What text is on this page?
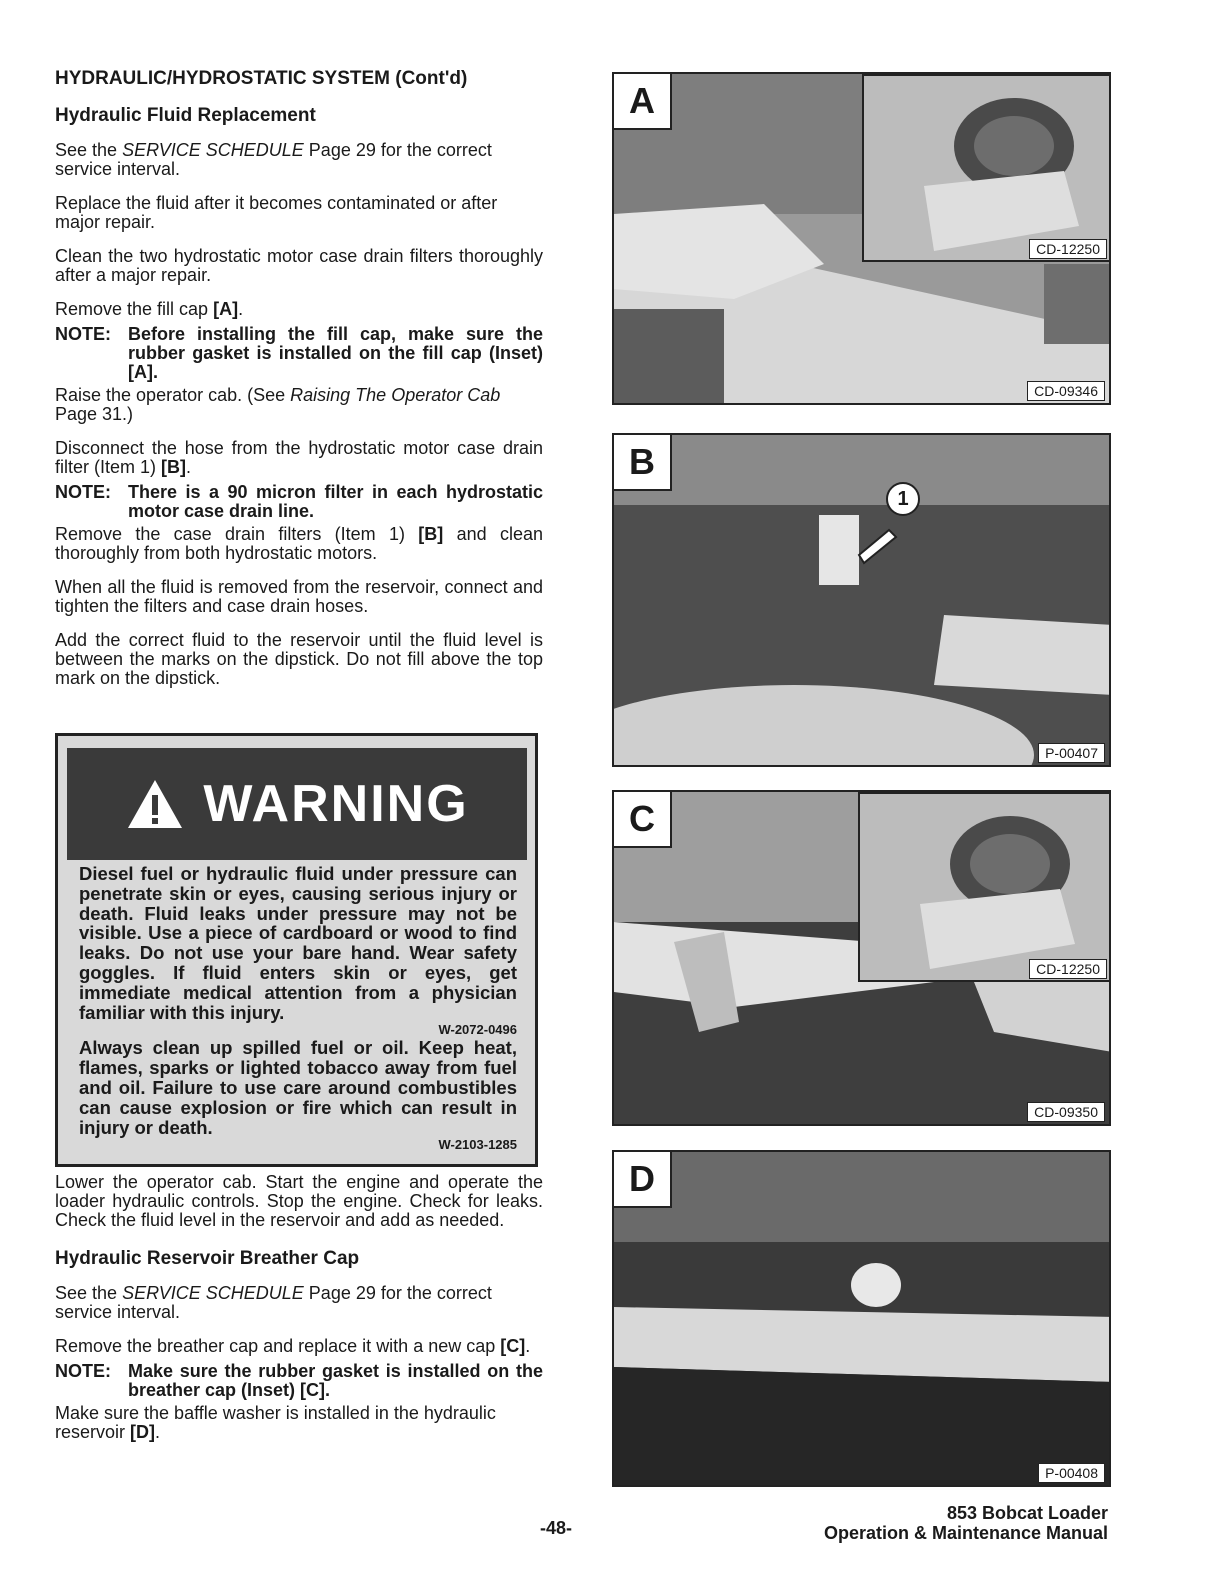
HYDRAULIC/HYDROSTATIC SYSTEM (Cont'd)
Hydraulic Fluid Replacement

See the SERVICE SCHEDULE Page 29 for the correct service interval.

Replace the fluid after it becomes contaminated or after major repair.

Clean the two hydrostatic motor case drain filters thoroughly after a major repair.

Remove the fill cap [A].

NOTE: Before installing the fill cap, make sure the rubber gasket is installed on the fill cap (Inset) [A].

Raise the operator cab. (See Raising The Operator Cab Page 31.)

Disconnect the hose from the hydrostatic motor case drain filter (Item 1) [B].

NOTE: There is a 90 micron filter in each hydrostatic motor case drain line.

Remove the case drain filters (Item 1) [B] and clean thoroughly from both hydrostatic motors.

When all the fluid is removed from the reservoir, connect and tighten the filters and case drain hoses.

Add the correct fluid to the reservoir until the fluid level is between the marks on the dipstick. Do not fill above the top mark on the dipstick.

WARNING
Diesel fuel or hydraulic fluid under pressure can penetrate skin or eyes, causing serious injury or death. Fluid leaks under pressure may not be visible. Use a piece of cardboard or wood to find leaks. Do not use your bare hand. Wear safety goggles. If fluid enters skin or eyes, get immediate medical attention from a physician familiar with this injury.
W-2072-0496
Always clean up spilled fuel or oil. Keep heat, flames, sparks or lighted tobacco away from fuel and oil. Failure to use care around combustibles can cause explosion or fire which can result in injury or death.
W-2103-1285

Lower the operator cab. Start the engine and operate the loader hydraulic controls. Stop the engine. Check for leaks. Check the fluid level in the reservoir and add as needed.

Hydraulic Reservoir Breather Cap

See the SERVICE SCHEDULE Page 29 for the correct service interval.

Remove the breather cap and replace it with a new cap [C].

NOTE: Make sure the rubber gasket is installed on the breather cap (Inset) [C].

Make sure the baffle washer is installed in the hydraulic reservoir [D].

A
CD-12250
CD-09346
B
1
P-00407
C
CD-12250
CD-09350
D
P-00408
-48-
853 Bobcat Loader
Operation & Maintenance Manual
